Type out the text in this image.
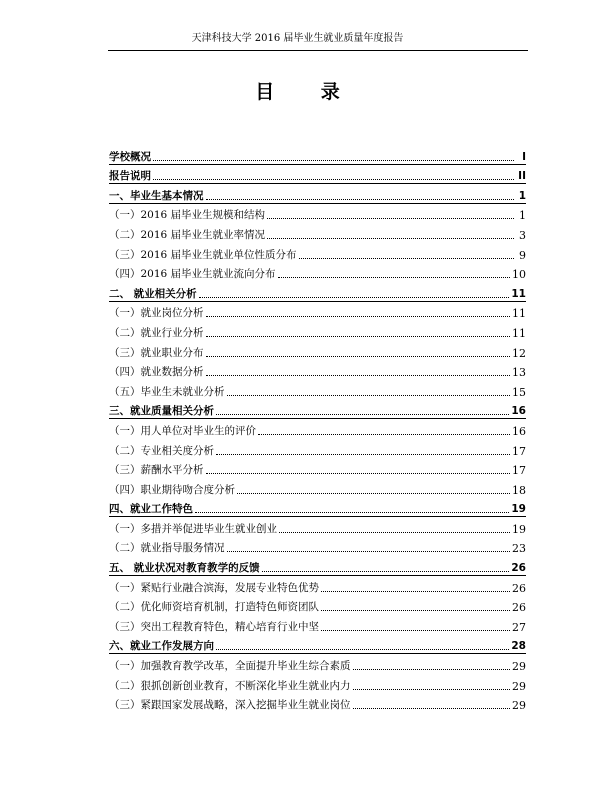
天津科技大学 2016 届毕业生就业质量年度报告
目 录
学校概况	I
报告说明	II
一、毕业生基本情况	1
（一）2016 届毕业生规模和结构	1
（二）2016 届毕业生就业率情况	3
（三）2016 届毕业生就业单位性质分布	9
（四）2016 届毕业生就业流向分布	10
二、 就业相关分析	11
（一）就业岗位分析	11
（二）就业行业分析	11
（三）就业职业分布	12
（四）就业数据分析	13
（五）毕业生未就业分析	15
三、就业质量相关分析	16
（一）用人单位对毕业生的评价	16
（二）专业相关度分析	17
（三）薪酬水平分析	17
（四）职业期待吻合度分析	18
四、就业工作特色	19
（一）多措并举促进毕业生就业创业	19
（二）就业指导服务情况	23
五、 就业状况对教育教学的反馈	26
（一）紧贴行业融合滨海，发展专业特色优势	26
（二）优化师资培育机制，打造特色师资团队	26
（三）突出工程教育特色，精心培育行业中坚	27
六、就业工作发展方向	28
（一）加强教育教学改革，全面提升毕业生综合素质	29
（二）狠抓创新创业教育，不断深化毕业生就业内力	29
（三）紧跟国家发展战略，深入挖掘毕业生就业岗位	29
